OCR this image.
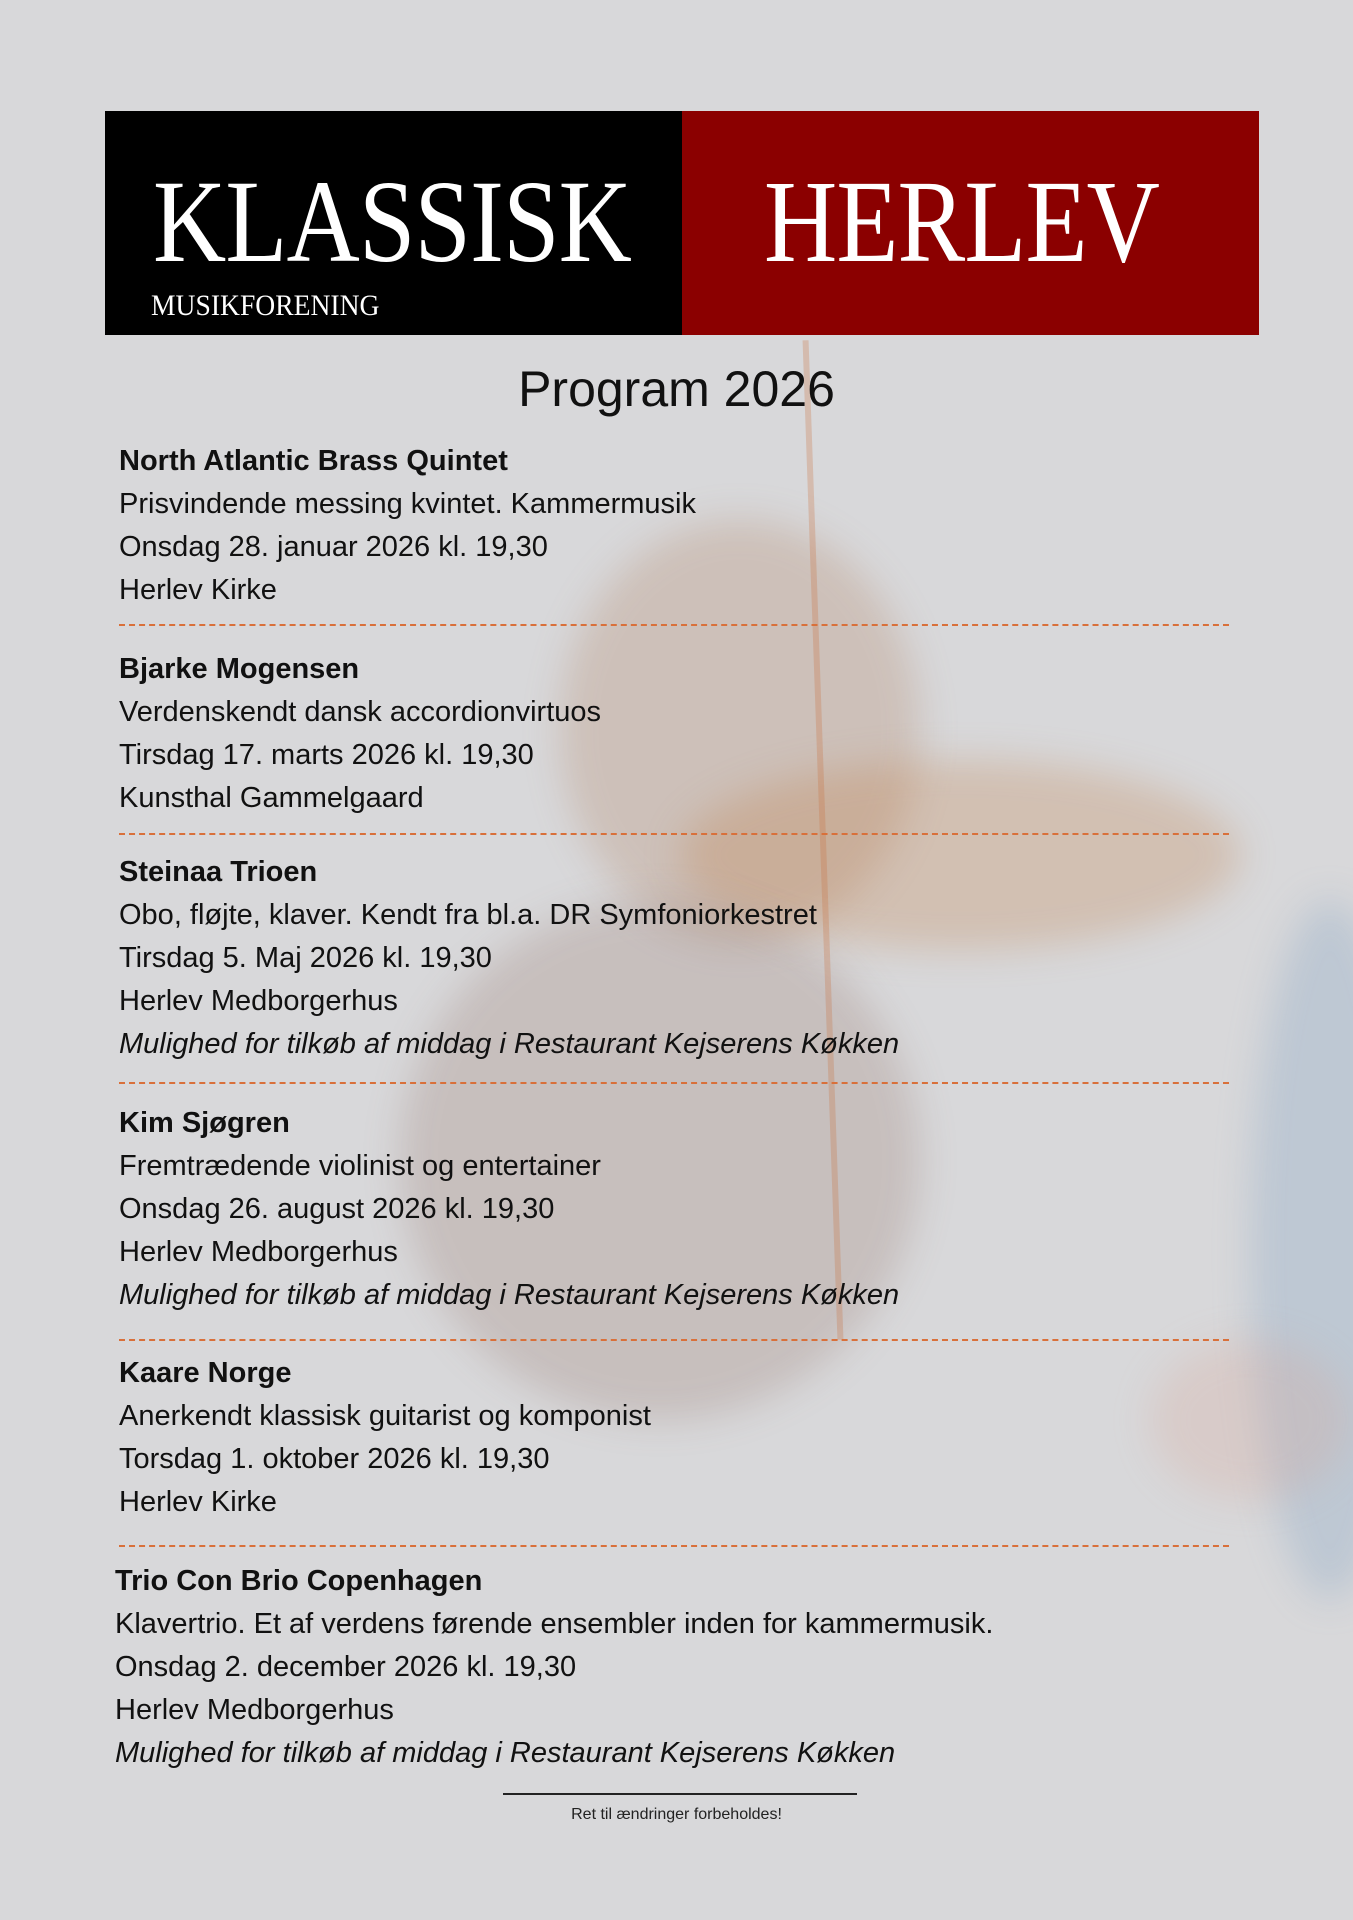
KLASSISK
MUSIKFORENING
HERLEV
Program 2026
North Atlantic Brass Quintet
Prisvindende messing kvintet. Kammermusik
Onsdag 28. januar 2026 kl. 19,30
Herlev Kirke
Bjarke Mogensen
Verdenskendt dansk accordionvirtuos
Tirsdag 17. marts 2026 kl. 19,30
Kunsthal Gammelgaard
Steinaa Trioen
Obo, fløjte, klaver. Kendt fra bl.a. DR Symfoniorkestret
Tirsdag 5. Maj 2026 kl. 19,30
Herlev Medborgerhus
Mulighed for tilkøb af middag i Restaurant Kejserens Køkken
Kim Sjøgren
Fremtrædende violinist og entertainer
Onsdag 26. august 2026 kl. 19,30
Herlev Medborgerhus
Mulighed for tilkøb af middag i Restaurant Kejserens Køkken
Kaare Norge
Anerkendt klassisk guitarist og komponist
Torsdag 1. oktober 2026 kl. 19,30
Herlev Kirke
Trio Con Brio Copenhagen
Klavertrio. Et af verdens førende ensembler inden for kammermusik.
Onsdag 2. december 2026 kl. 19,30
Herlev Medborgerhus
Mulighed for tilkøb af middag i Restaurant Kejserens Køkken
Ret til ændringer forbeholdes!
